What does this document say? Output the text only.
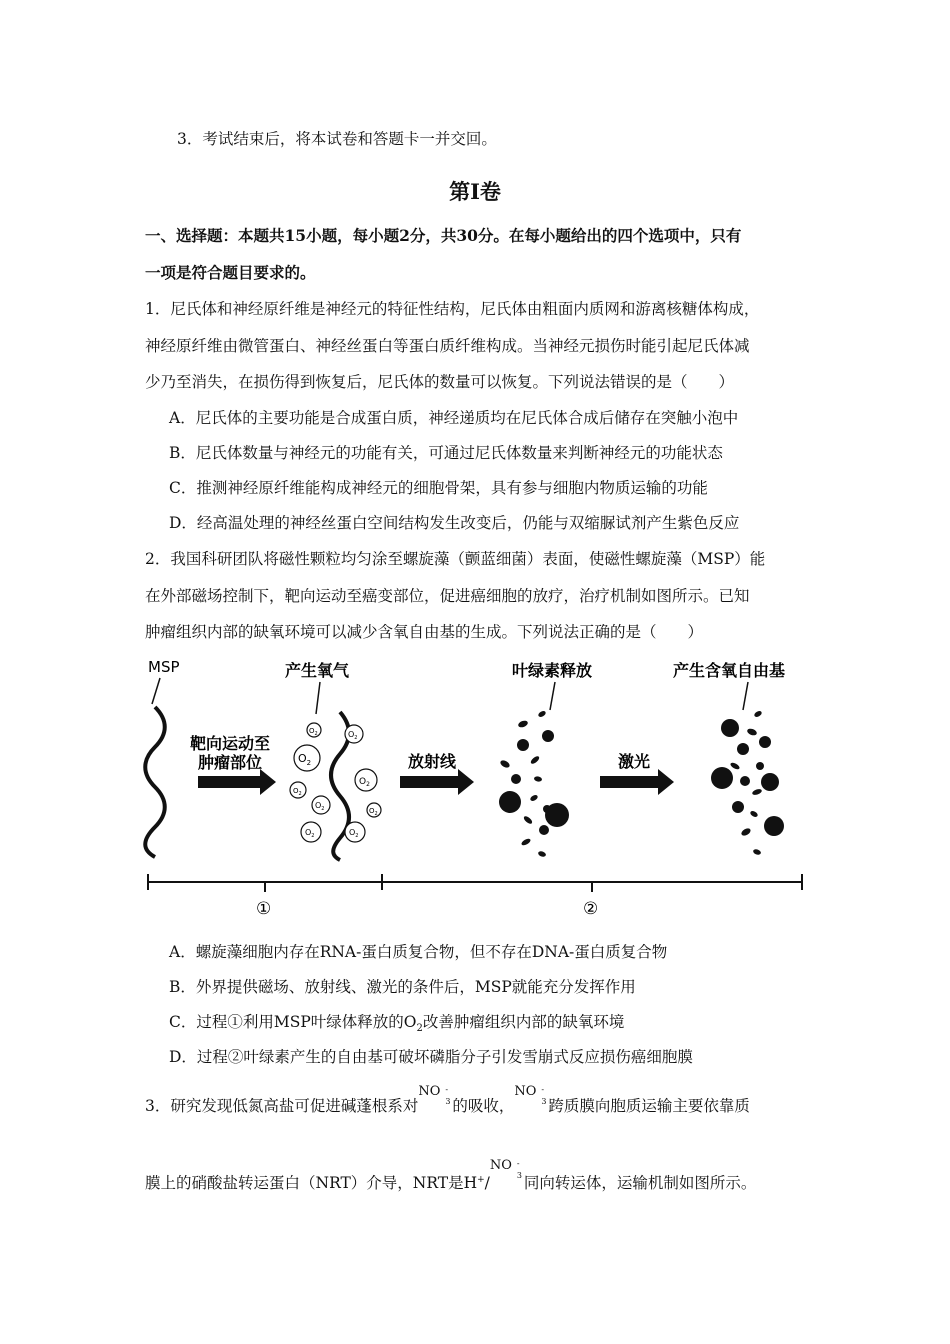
3．考试结束后，将本试卷和答题卡一并交回。
第Ⅰ卷
一、选择题：本题共15小题，每小题2分，共30分。在每小题给出的四个选项中，只有
一项是符合题目要求的。
1．尼氏体和神经原纤维是神经元的特征性结构，尼氏体由粗面内质网和游离核糖体构成，
神经原纤维由微管蛋白、神经丝蛋白等蛋白质纤维构成。当神经元损伤时能引起尼氏体减
少乃至消失，在损伤得到恢复后，尼氏体的数量可以恢复。下列说法错误的是（　　）
A．尼氏体的主要功能是合成蛋白质，神经递质均在尼氏体合成后储存在突触小泡中
B．尼氏体数量与神经元的功能有关，可通过尼氏体数量来判断神经元的功能状态
C．推测神经原纤维能构成神经元的细胞骨架，具有参与细胞内物质运输的功能
D．经高温处理的神经丝蛋白空间结构发生改变后，仍能与双缩脲试剂产生紫色反应
2．我国科研团队将磁性颗粒均匀涂至螺旋藻（颤蓝细菌）表面，使磁性螺旋藻（MSP）能
在外部磁场控制下，靶向运动至癌变部位，促进癌细胞的放疗，治疗机制如图所示。已知
肿瘤组织内部的缺氧环境可以减少含氧自由基的生成。下列说法正确的是（　　）
MSP
靶向运动至
肿瘤部位
产生氧气
$O_2$
$O_2$
$O_2$
$O_2$
$O_2$
$O_2$
$O_2$
$O_2$
$O_2$
放射线
叶绿素释放
激光
产生含氧自由基
①	②
A．螺旋藻细胞内存在RNA-蛋白质复合物，但不存在DNA-蛋白质复合物
B．外界提供磁场、放射线、激光的条件后，MSP就能充分发挥作用
C．过程①利用MSP叶绿体释放的$O_2$改善肿瘤组织内部的缺氧环境
D．过程②叶绿素产生的自由基可破坏磷脂分子引发雪崩式反应损伤癌细胞膜
3．研究发现低氮高盐可促进碱蓬根系对
NO -
3 的吸收，
NO -
3 跨质膜向胞质运输主要依靠质
膜上的硝酸盐转运蛋白（NRT）介导，NRT是H+/
NO -
3 同向转运体，运输机制如图所示。
